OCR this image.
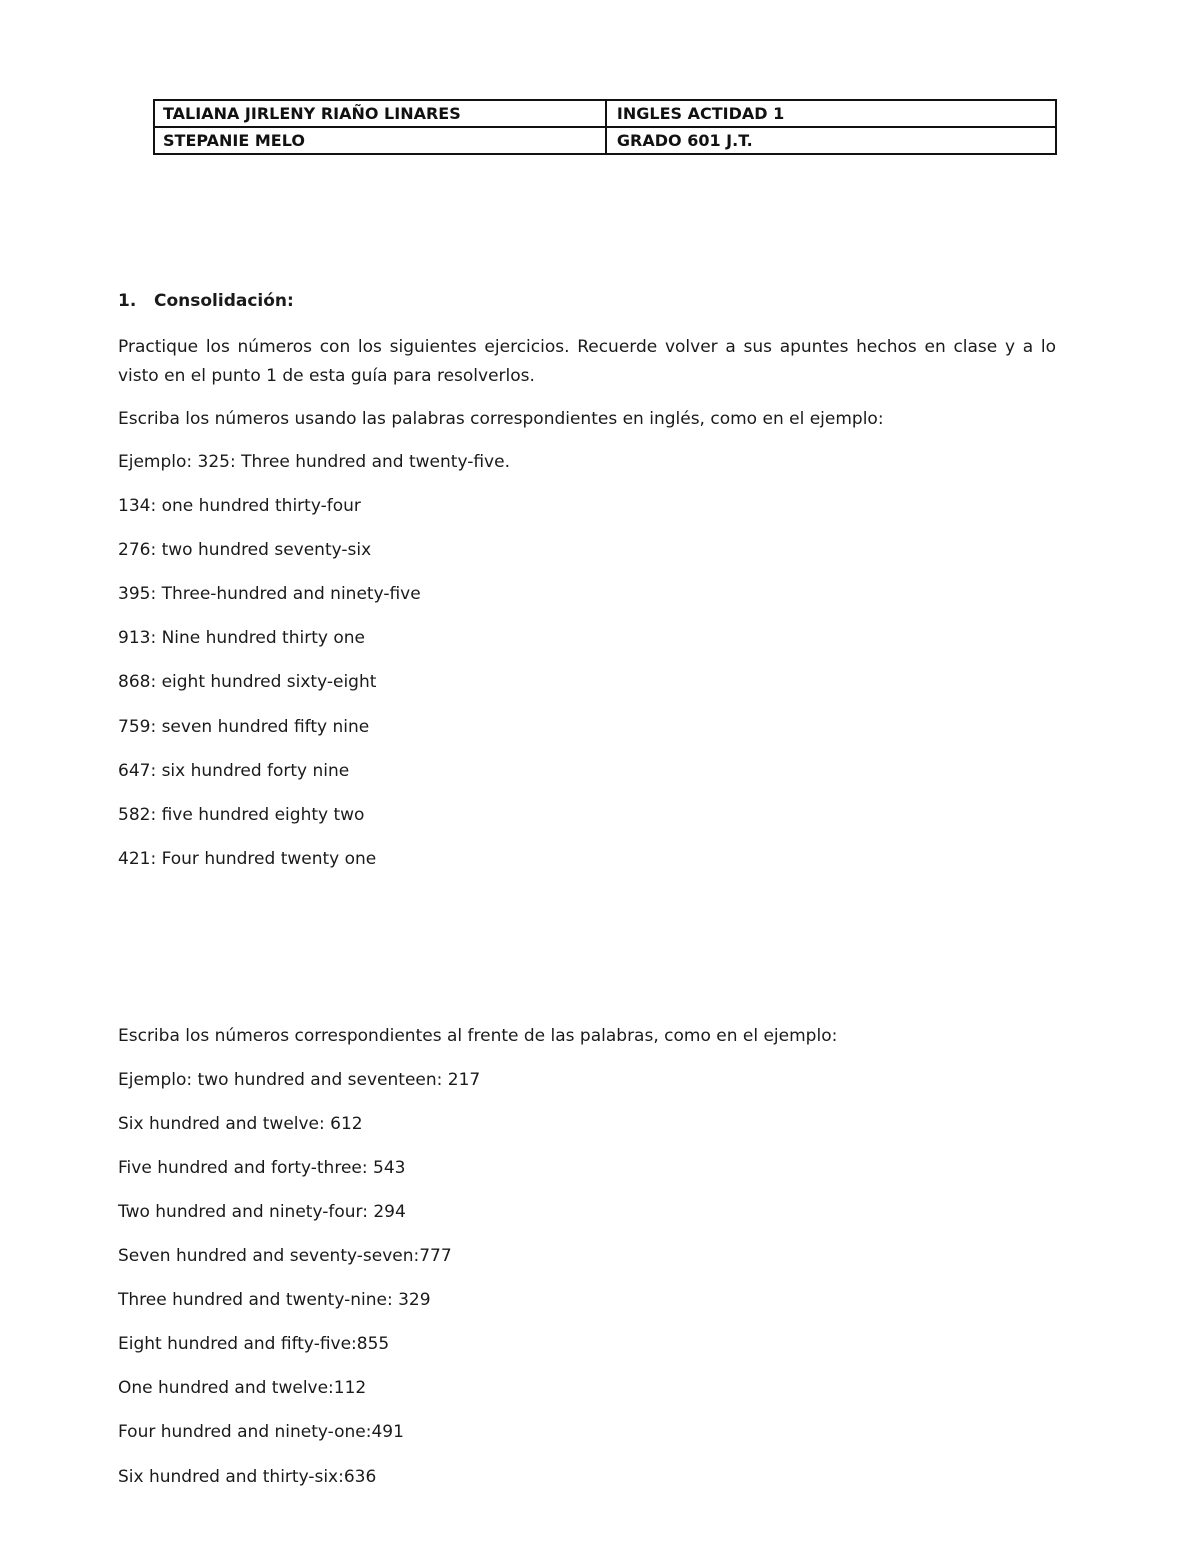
TALIANA JIRLENY RIAÑO LINARES	INGLES ACTIDAD 1
STEPANIE MELO	GRADO 601 J.T.
1. Consolidación:
Practique los números con los siguientes ejercicios. Recuerde volver a sus apuntes hechos en clase y a lo visto en el punto 1 de esta guía para resolverlos.
Escriba los números usando las palabras correspondientes en inglés, como en el ejemplo:
Ejemplo: 325: Three hundred and twenty-five.
134: one hundred thirty-four
276: two hundred seventy-six
395: Three-hundred and ninety-five
913: Nine hundred thirty one
868: eight hundred sixty-eight
759: seven hundred fifty nine
647: six hundred forty nine
582: five hundred eighty two
421: Four hundred twenty one
Escriba los números correspondientes al frente de las palabras, como en el ejemplo:
Ejemplo: two hundred and seventeen: 217
Six hundred and twelve: 612
Five hundred and forty-three: 543
Two hundred and ninety-four: 294
Seven hundred and seventy-seven:777
Three hundred and twenty-nine: 329
Eight hundred and fifty-five:855
One hundred and twelve:112
Four hundred and ninety-one:491
Six hundred and thirty-six:636
